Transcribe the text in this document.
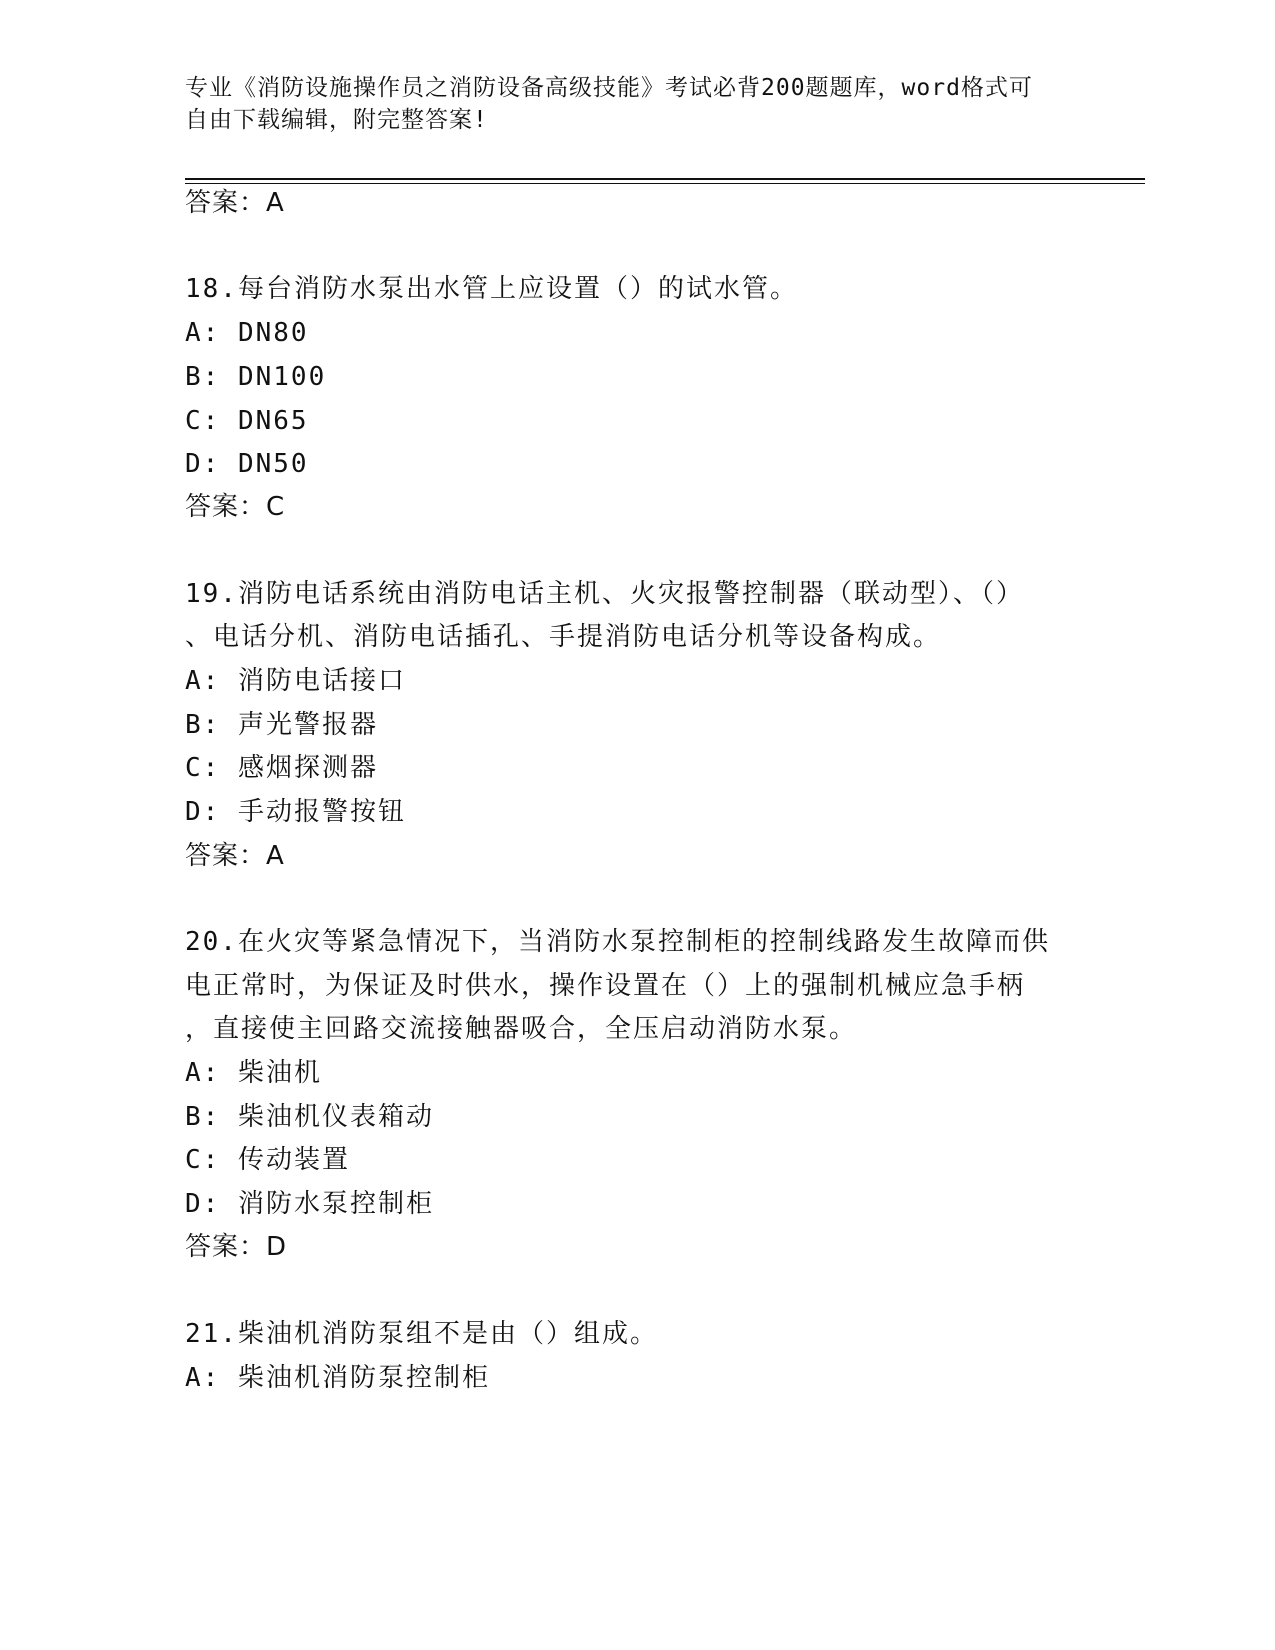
专业《消防设施操作员之消防设备高级技能》考试必背200题题库，word格式可
自由下载编辑，附完整答案!
答案：A
18.每台消防水泵出水管上应设置（）的试水管。
A: DN80
B: DN100
C: DN65
D: DN50
答案：C
19.消防电话系统由消防电话主机、火灾报警控制器（联动型）、（）
、电话分机、消防电话插孔、手提消防电话分机等设备构成。
A: 消防电话接口
B: 声光警报器
C: 感烟探测器
D: 手动报警按钮
答案：A
20.在火灾等紧急情况下，当消防水泵控制柜的控制线路发生故障而供
电正常时，为保证及时供水，操作设置在（）上的强制机械应急手柄
，直接使主回路交流接触器吸合，全压启动消防水泵。
A: 柴油机
B: 柴油机仪表箱动
C: 传动装置
D: 消防水泵控制柜
答案：D
21.柴油机消防泵组不是由（）组成。
A: 柴油机消防泵控制柜
